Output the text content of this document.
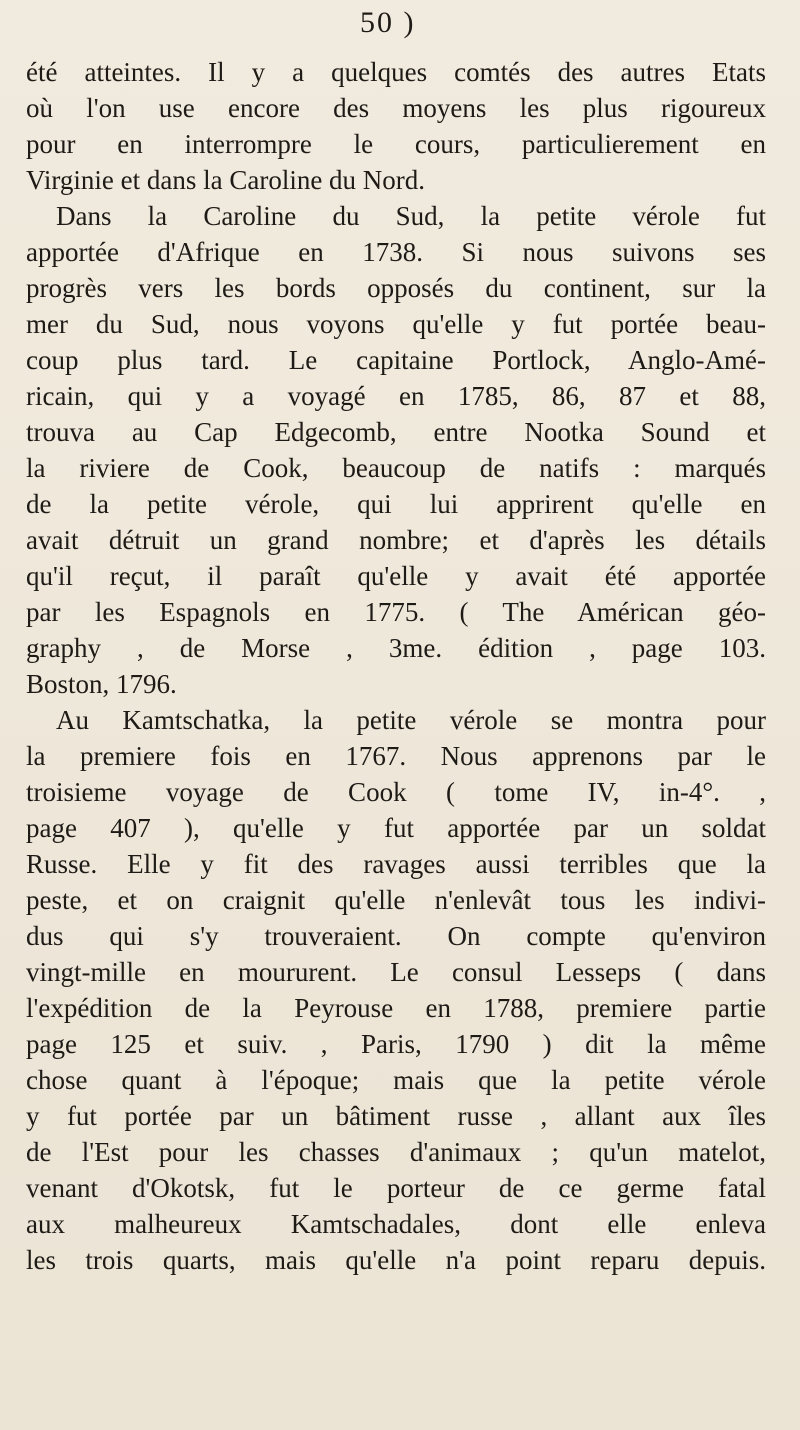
50 )
été atteintes. Il y a quelques comtés des autres Etats
où l'on use encore des moyens les plus rigoureux
pour en interrompre le cours, particulierement en
Virginie et dans la Caroline du Nord.
Dans la Caroline du Sud, la petite vérole fut
apportée d'Afrique en 1738. Si nous suivons ses
progrès vers les bords opposés du continent, sur la
mer du Sud, nous voyons qu'elle y fut portée beau-
coup plus tard. Le capitaine Portlock, Anglo-Amé-
ricain, qui y a voyagé en 1785, 86, 87 et 88,
trouva au Cap Edgecomb, entre Nootka Sound et
la riviere de Cook, beaucoup de natifs : marqués
de la petite vérole, qui lui apprirent qu'elle en
avait détruit un grand nombre; et d'après les détails
qu'il reçut, il paraît qu'elle y avait été apportée
par les Espagnols en 1775. ( The Américan géo-
graphy , de Morse , 3me. édition , page 103.
Boston, 1796.
Au Kamtschatka, la petite vérole se montra pour
la premiere fois en 1767. Nous apprenons par le
troisieme voyage de Cook ( tome IV, in-4°. ,
page 407 ), qu'elle y fut apportée par un soldat
Russe. Elle y fit des ravages aussi terribles que la
peste, et on craignit qu'elle n'enlevât tous les indivi-
dus qui s'y trouveraient. On compte qu'environ
vingt-mille en moururent. Le consul Lesseps ( dans
l'expédition de la Peyrouse en 1788, premiere partie
page 125 et suiv. , Paris, 1790 ) dit la même
chose quant à l'époque; mais que la petite vérole
y fut portée par un bâtiment russe , allant aux îles
de l'Est pour les chasses d'animaux ; qu'un matelot,
venant d'Okotsk, fut le porteur de ce germe fatal
aux malheureux Kamtschadales, dont elle enleva
les trois quarts, mais qu'elle n'a point reparu depuis.
